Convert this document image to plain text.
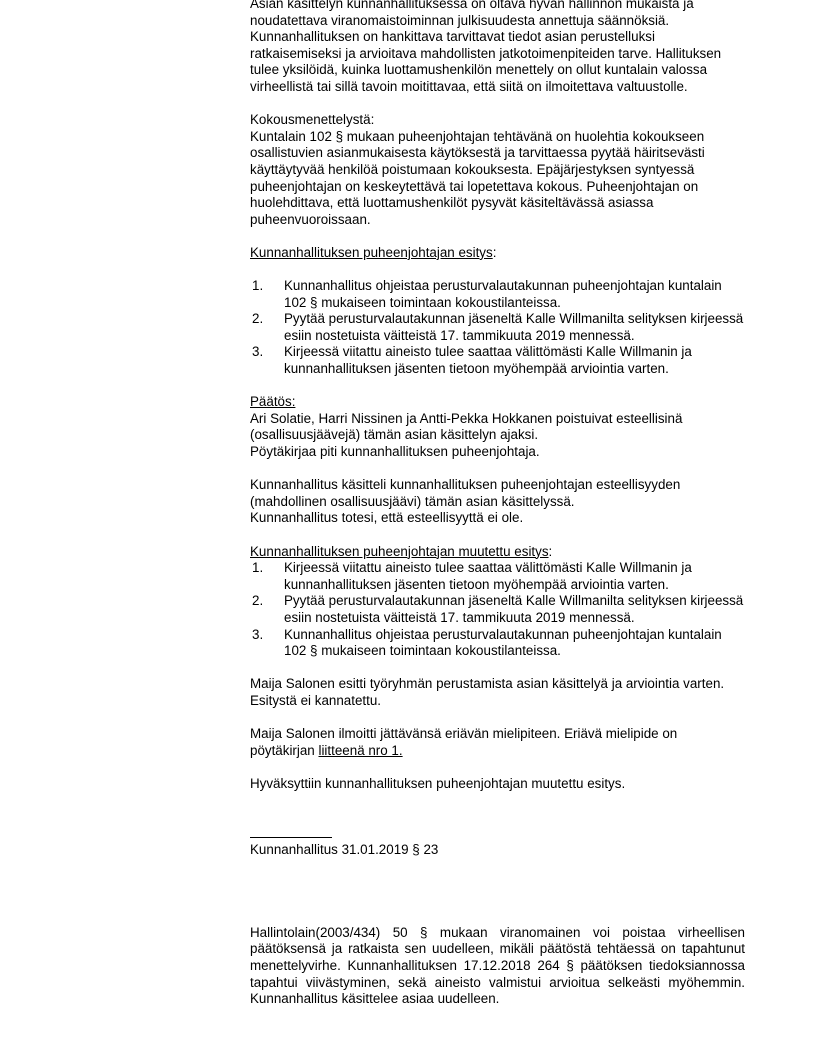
Asian käsittelyn kunnanhallituksessa on oltava hyvän hallinnon mukaista ja noudatettava viranomaistoiminnan julkisuudesta annettuja säännöksiä. Kunnanhallituksen on hankittava tarvittavat tiedot asian perustelluksi ratkaisemiseksi ja arvioitava mahdollisten jatkotoimenpiteiden tarve. Hallituksen tulee yksilöidä, kuinka luottamushenkilön menettely on ollut kuntalain valossa virheellistä tai sillä tavoin moitittavaa, että siitä on ilmoitettava valtuustolle.

Kokousmenettelystä:

Kuntalain 102 § mukaan puheenjohtajan tehtävänä on huolehtia kokoukseen osallistuvien asianmukaisesta käytöksestä ja tarvittaessa pyytää häiritsevästi käyttäytyvää henkilöä poistumaan kokouksesta. Epäjärjestyksen syntyessä puheenjohtajan on keskeytettävä tai lopetettava kokous. Puheenjohtajan on huolehdittava, että luottamushenkilöt pysyvät käsiteltävässä asiassa puheenvuoroissaan.

Kunnanhallituksen puheenjohtajan esitys:

1. Kunnanhallitus ohjeistaa perusturvalautakunnan puheenjohtajan kuntalain 102 § mukaiseen toimintaan kokoustilanteissa.
2. Pyytää perusturvalautakunnan jäseneltä Kalle Willmanilta selityksen kirjeessä esiin nostetuista väitteistä 17. tammikuuta 2019 mennessä.
3. Kirjeessä viitattu aineisto tulee saattaa välittömästi Kalle Willmanin ja kunnanhallituksen jäsenten tietoon myöhempää arviointia varten.

Päätös:

Ari Solatie, Harri Nissinen ja Antti-Pekka Hokkanen poistuivat esteellisinä (osallisuusjäävejä) tämän asian käsittelyn ajaksi.

Pöytäkirjaa piti kunnanhallituksen puheenjohtaja.

Kunnanhallitus käsitteli kunnanhallituksen puheenjohtajan esteellisyyden (mahdollinen osallisuusjäävi) tämän asian käsittelyssä.

Kunnanhallitus totesi, että esteellisyyttä ei ole.

Kunnanhallituksen puheenjohtajan muutettu esitys:

1. Kirjeessä viitattu aineisto tulee saattaa välittömästi Kalle Willmanin ja kunnanhallituksen jäsenten tietoon myöhempää arviointia varten.
2. Pyytää perusturvalautakunnan jäseneltä Kalle Willmanilta selityksen kirjeessä esiin nostetuista väitteistä 17. tammikuuta 2019 mennessä.
3. Kunnanhallitus ohjeistaa perusturvalautakunnan puheenjohtajan kuntalain 102 § mukaiseen toimintaan kokoustilanteissa.

Maija Salonen esitti työryhmän perustamista asian käsittelyä ja arviointia varten. Esitystä ei kannatettu.

Maija Salonen ilmoitti jättävänsä eriävän mielipiteen. Eriävä mielipide on pöytäkirjan liitteenä nro 1.

Hyväksyttiin kunnanhallituksen puheenjohtajan muutettu esitys.

Kunnanhallitus 31.01.2019 § 23

Hallintolain(2003/434) 50 § mukaan viranomainen voi poistaa virheellisen päätöksensä ja ratkaista sen uudelleen, mikäli päätöstä tehtäessä on tapahtunut menettelyvirhe. Kunnanhallituksen 17.12.2018 264 § päätöksen tiedoksiannossa tapahtui viivästyminen, sekä aineisto valmistui arvioitua selkeästi myöhemmin. Kunnanhallitus käsittelee asiaa uudelleen.
